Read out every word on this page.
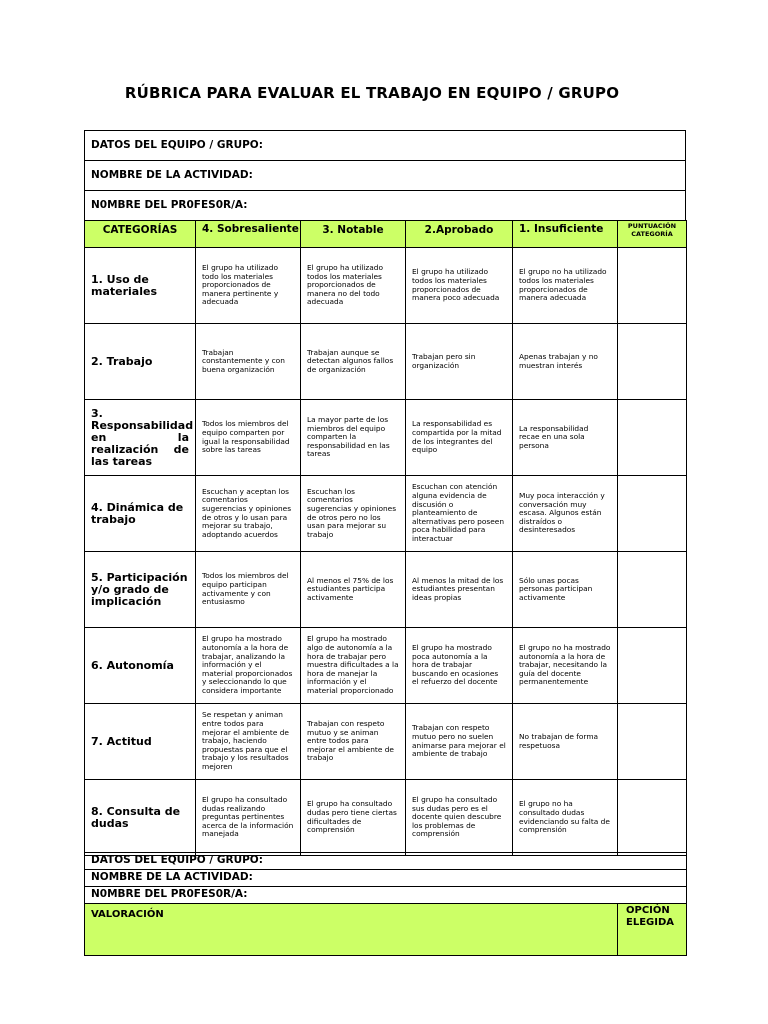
RÚBRICA PARA EVALUAR EL TRABAJO EN EQUIPO / GRUPO
DATOS DEL EQUIPO / GRUPO:
NOMBRE DE LA ACTIVIDAD:
N0MBRE DEL PR0FES0R/A:
CATEGORÍAS	4. Sobresaliente	3. Notable	2.Aprobado	1. Insuficiente	PUNTUACIÓN CATEGORÍA
1. Uso de materiales	El grupo ha utilizado todo los materiales proporcionados de manera pertinente y adecuada	El grupo ha utilizado todos los materiales proporcionados de manera no del todo adecuada	El grupo ha utilizado todos los materiales proporcionados de manera poco adecuada	El grupo no ha utilizado todos los materiales proporcionados de manera adecuada	
2. Trabajo	Trabajan constantemente y con buena organización	Trabajan aunque se detectan algunos fallos de organización	Trabajan pero sin organización	Apenas trabajan y no muestran interés	
3. Responsabilidad en la realización de las tareas	Todos los miembros del equipo comparten por igual la responsabilidad sobre las tareas	La mayor parte de los miembros del equipo comparten la responsabilidad en las tareas	La responsabilidad es compartida por la mitad de los integrantes del equipo	La responsabilidad recae en una sola persona	
4. Dinámica de trabajo	Escuchan y aceptan los comentarios sugerencias y opiniones de otros y lo usan para mejorar su trabajo, adoptando acuerdos	Escuchan los comentarios sugerencias y opiniones de otros pero no los usan para mejorar su trabajo	Escuchan con atención alguna evidencia de discusión o planteamiento de alternativas pero poseen poca habilidad para interactuar	Muy poca interacción y conversación muy escasa. Algunos están distraídos o desinteresados	
5. Participación y/o grado de implicación	Todos los miembros del equipo participan activamente y con entusiasmo	Al menos el 75% de los estudiantes participa activamente	Al menos la mitad de los estudiantes presentan ideas propias	Sólo unas pocas personas participan activamente	
6. Autonomía	El grupo ha mostrado autonomía a la hora de trabajar, analizando la información y el material proporcionados y seleccionando lo que considera importante	El grupo ha mostrado algo de autonomía a la hora de trabajar pero muestra dificultades a la hora de manejar la información y el material proporcionado	El grupo ha mostrado poca autonomía a la hora de trabajar buscando en ocasiones el refuerzo del docente	El grupo no ha mostrado autonomía a la hora de trabajar, necesitando la guía del docente permanentemente	
7. Actitud	Se respetan y animan entre todos para mejorar el ambiente de trabajo, haciendo propuestas para que el trabajo y los resultados mejoren	Trabajan con respeto mutuo y se animan entre todos para mejorar el ambiente de trabajo	Trabajan con respeto mutuo pero no suelen animarse para mejorar el ambiente de trabajo	No trabajan de forma respetuosa	
8. Consulta de dudas	El grupo ha consultado dudas realizando preguntas pertinentes acerca de la información manejada	El grupo ha consultado dudas pero tiene ciertas dificultades de comprensión	El grupo ha consultado sus dudas pero es el docente quien descubre los problemas de comprensión	El grupo no ha consultado dudas evidenciando su falta de comprensión	
DATOS DEL EQUIPO / GRUPO:
NOMBRE DE LA ACTIVIDAD:
N0MBRE DEL PR0FES0R/A:
VALORACIÓN	OPCIÓN ELEGIDA
